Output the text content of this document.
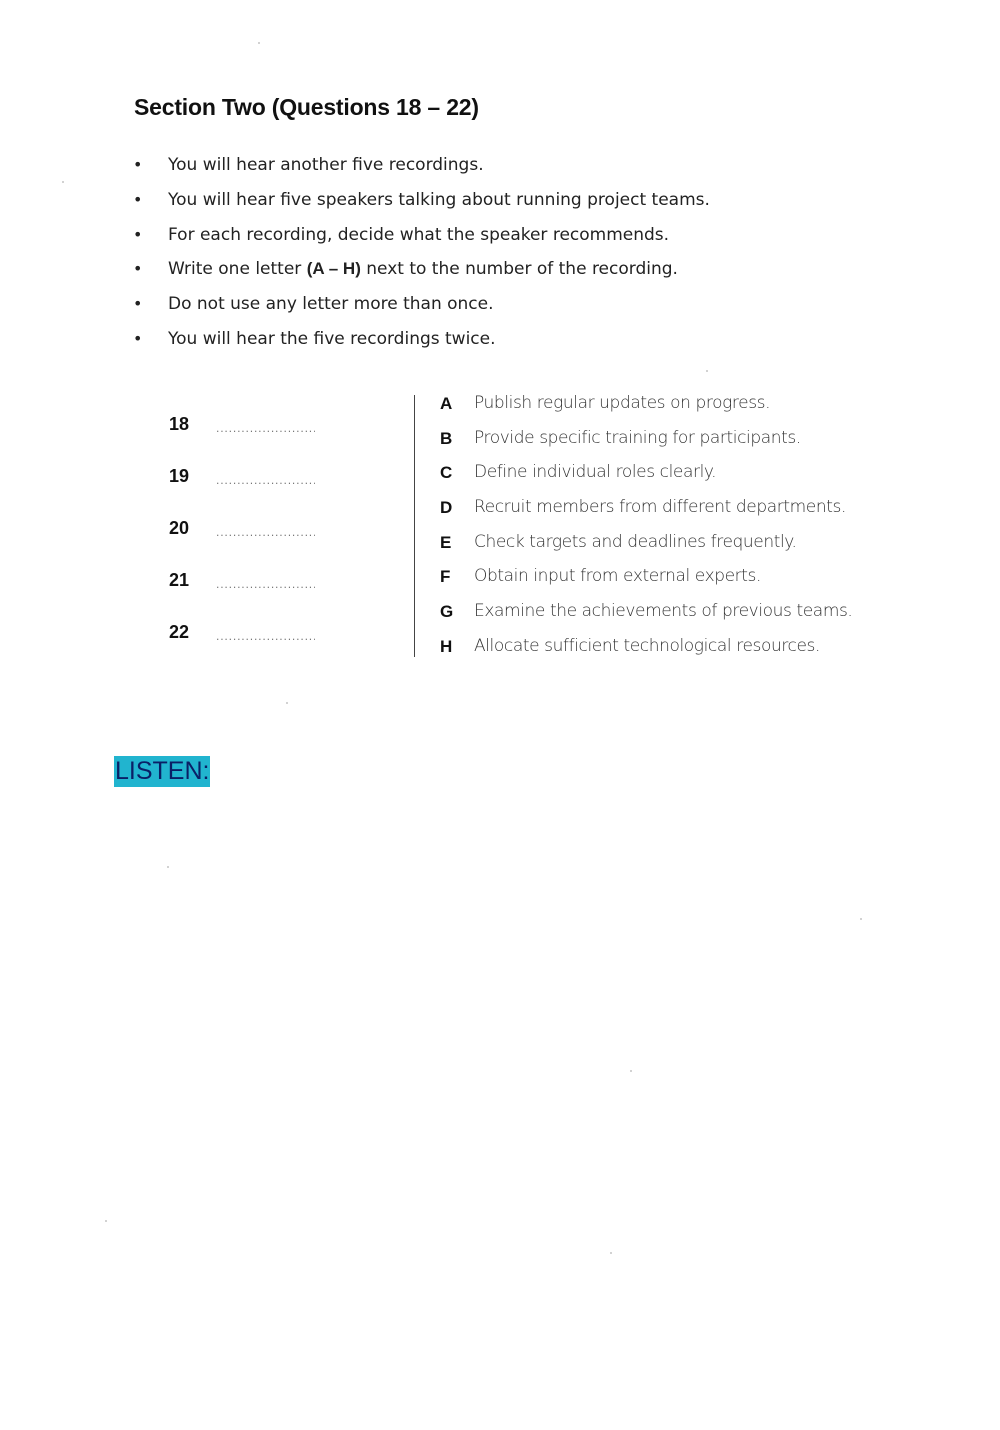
Section Two (Questions 18 – 22)
• You will hear another five recordings.
• You will hear five speakers talking about running project teams.
• For each recording, decide what the speaker recommends.
• Write one letter (A – H) next to the number of the recording.
• Do not use any letter more than once.
• You will hear the five recordings twice.
18
..............................
19
..............................
20
..............................
21
..............................
22
..............................
A Publish regular updates on progress.
B Provide specific training for participants.
C Define individual roles clearly.
D Recruit members from different departments.
E Check targets and deadlines frequently.
F Obtain input from external experts.
G Examine the achievements of previous teams.
H Allocate sufficient technological resources.
LISTEN:
